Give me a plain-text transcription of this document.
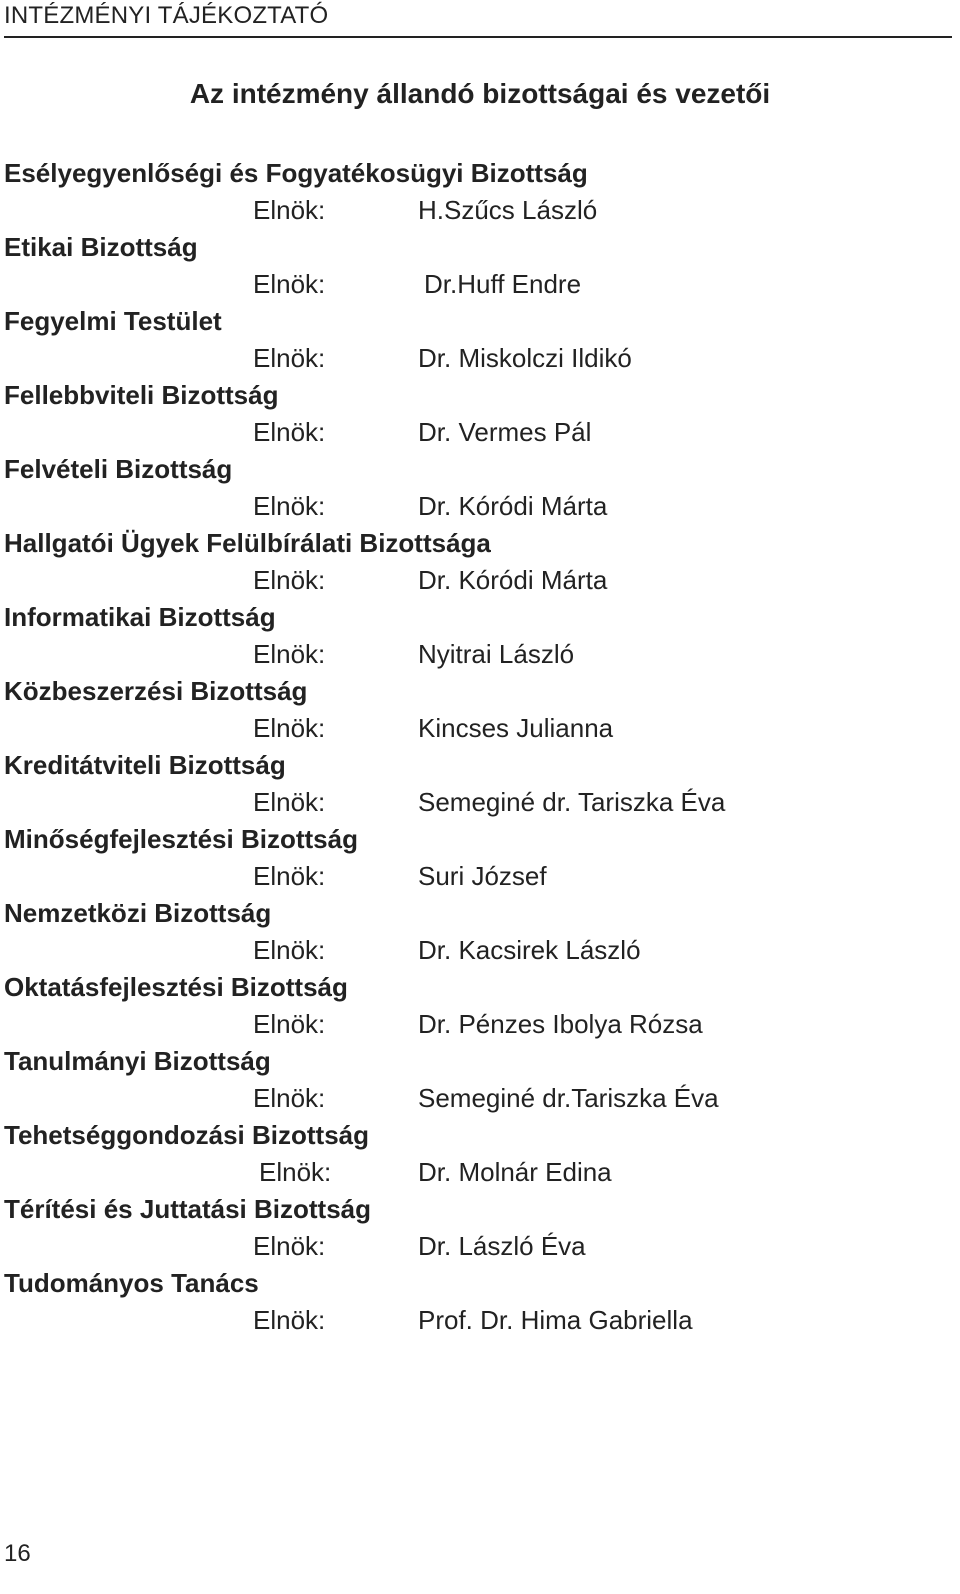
INTÉZMÉNYI TÁJÉKOZTATÓ
Az intézmény állandó bizottságai és vezetői
Esélyegyenlőségi és Fogyatékosügyi Bizottság
Elnök:	H.Szűcs László
Etikai Bizottság
Elnök:	Dr.Huff Endre
Fegyelmi Testület
Elnök:	Dr. Miskolczi Ildikó
Fellebbviteli Bizottság
Elnök:	Dr. Vermes Pál
Felvételi Bizottság
Elnök:	Dr. Kóródi Márta
Hallgatói Ügyek Felülbírálati Bizottsága
Elnök:	Dr. Kóródi Márta
Informatikai Bizottság
Elnök:	Nyitrai László
Közbeszerzési Bizottság
Elnök:	Kincses Julianna
Kreditátviteli Bizottság
Elnök:	Semeginé dr. Tariszka Éva
Minőségfejlesztési Bizottság
Elnök:	Suri József
Nemzetközi Bizottság
Elnök:	Dr. Kacsirek László
Oktatásfejlesztési Bizottság
Elnök:	Dr. Pénzes Ibolya Rózsa
Tanulmányi Bizottság
Elnök:	Semeginé dr.Tariszka Éva
Tehetséggondozási Bizottság
Elnök:	Dr. Molnár Edina
Térítési és Juttatási Bizottság
Elnök:	Dr. László Éva
Tudományos Tanács
Elnök:	Prof. Dr. Hima Gabriella
16
